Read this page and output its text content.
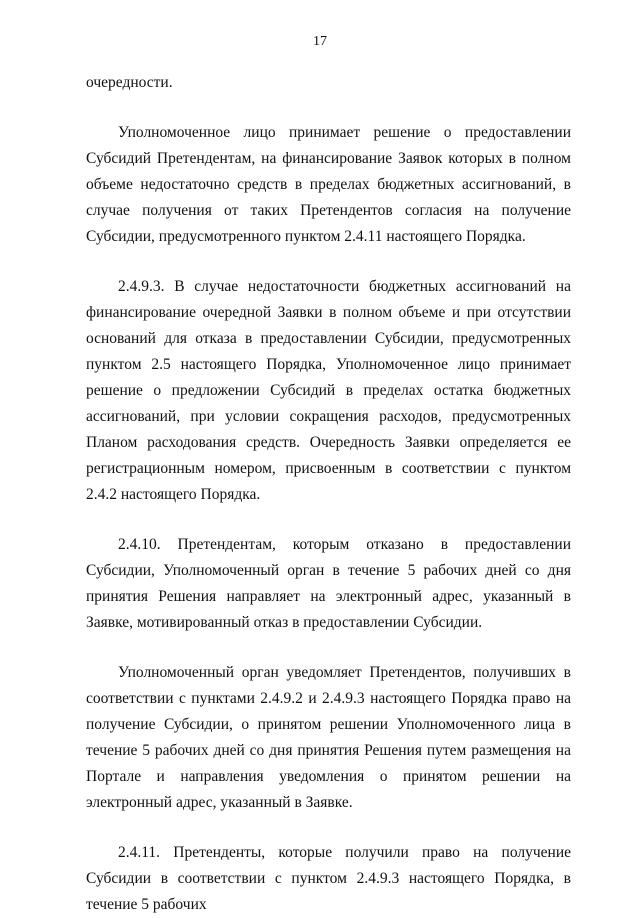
17

очередности.

Уполномоченное лицо принимает решение о предоставлении Субсидий Претендентам, на финансирование Заявок которых в полном объеме недостаточно средств в пределах бюджетных ассигнований, в случае получения от таких Претендентов согласия на получение Субсидии, предусмотренного пунктом 2.4.11 настоящего Порядка.

2.4.9.3. В случае недостаточности бюджетных ассигнований на финансирование очередной Заявки в полном объеме и при отсутствии оснований для отказа в предоставлении Субсидии, предусмотренных пунктом 2.5 настоящего Порядка, Уполномоченное лицо принимает решение о предложении Субсидий в пределах остатка бюджетных ассигнований, при условии сокращения расходов, предусмотренных Планом расходования средств. Очередность Заявки определяется ее регистрационным номером, присвоенным в соответствии с пунктом 2.4.2 настоящего Порядка.

2.4.10. Претендентам, которым отказано в предоставлении Субсидии, Уполномоченный орган в течение 5 рабочих дней со дня принятия Решения направляет на электронный адрес, указанный в Заявке, мотивированный отказ в предоставлении Субсидии.

Уполномоченный орган уведомляет Претендентов, получивших в соответствии с пунктами 2.4.9.2 и 2.4.9.3 настоящего Порядка право на получение Субсидии, о принятом решении Уполномоченного лица в течение 5 рабочих дней со дня принятия Решения путем размещения на Портале и направления уведомления о принятом решении на электронный адрес, указанный в Заявке.

2.4.11. Претенденты, которые получили право на получение Субсидии в соответствии с пунктом 2.4.9.3 настоящего Порядка, в течение 5 рабочих
